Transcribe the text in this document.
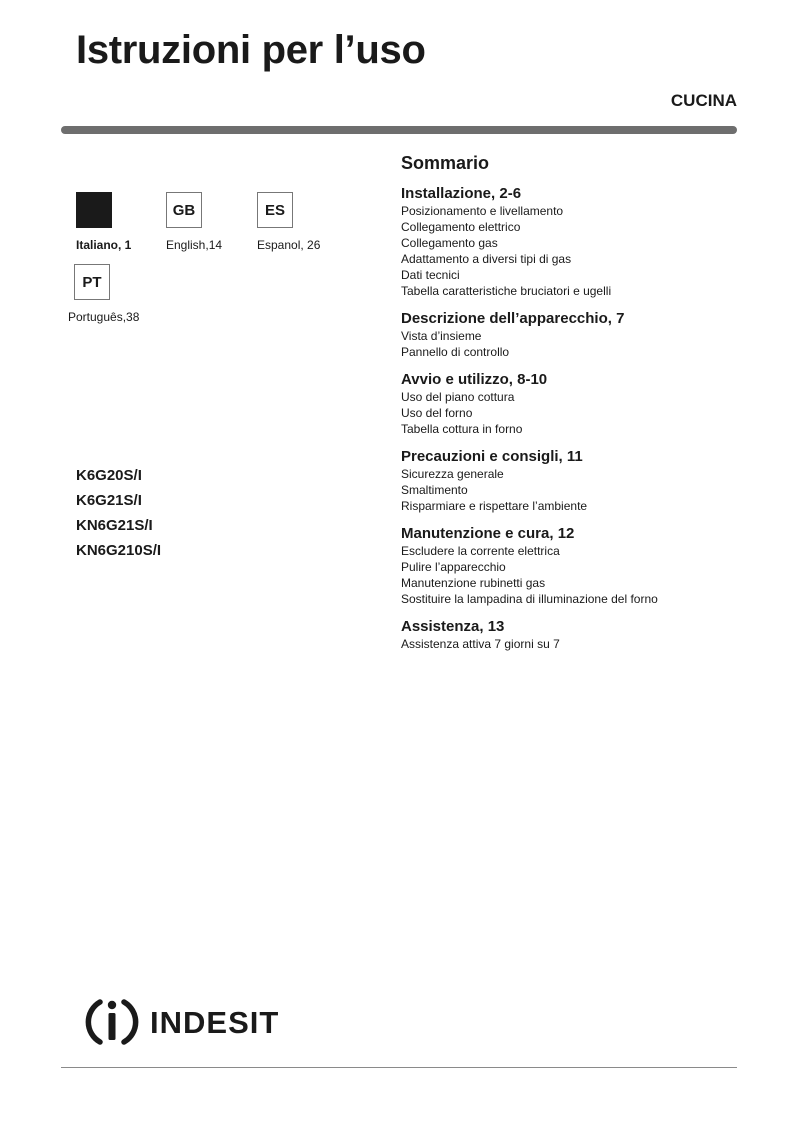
Istruzioni per l’uso
CUCINA
Italiano, 1
GB
English,14
ES
Espanol, 26
PT
Português,38
K6G20S/I
K6G21S/I
KN6G21S/I
KN6G210S/I
Sommario
Installazione, 2-6
Posizionamento e livellamento
Collegamento elettrico
Collegamento gas
Adattamento a diversi tipi di gas
Dati tecnici
Tabella caratteristiche bruciatori e ugelli
Descrizione dell’apparecchio, 7
Vista d’insieme
Pannello di controllo
Avvio e utilizzo, 8-10
Uso del piano cottura
Uso del forno
Tabella cottura in forno
Precauzioni e consigli, 11
Sicurezza generale
Smaltimento
Risparmiare e rispettare l’ambiente
Manutenzione e cura, 12
Escludere la corrente elettrica
Pulire l’apparecchio
Manutenzione rubinetti gas
Sostituire la lampadina di illuminazione del forno
Assistenza, 13
Assistenza attiva 7 giorni su 7
INDESIT
